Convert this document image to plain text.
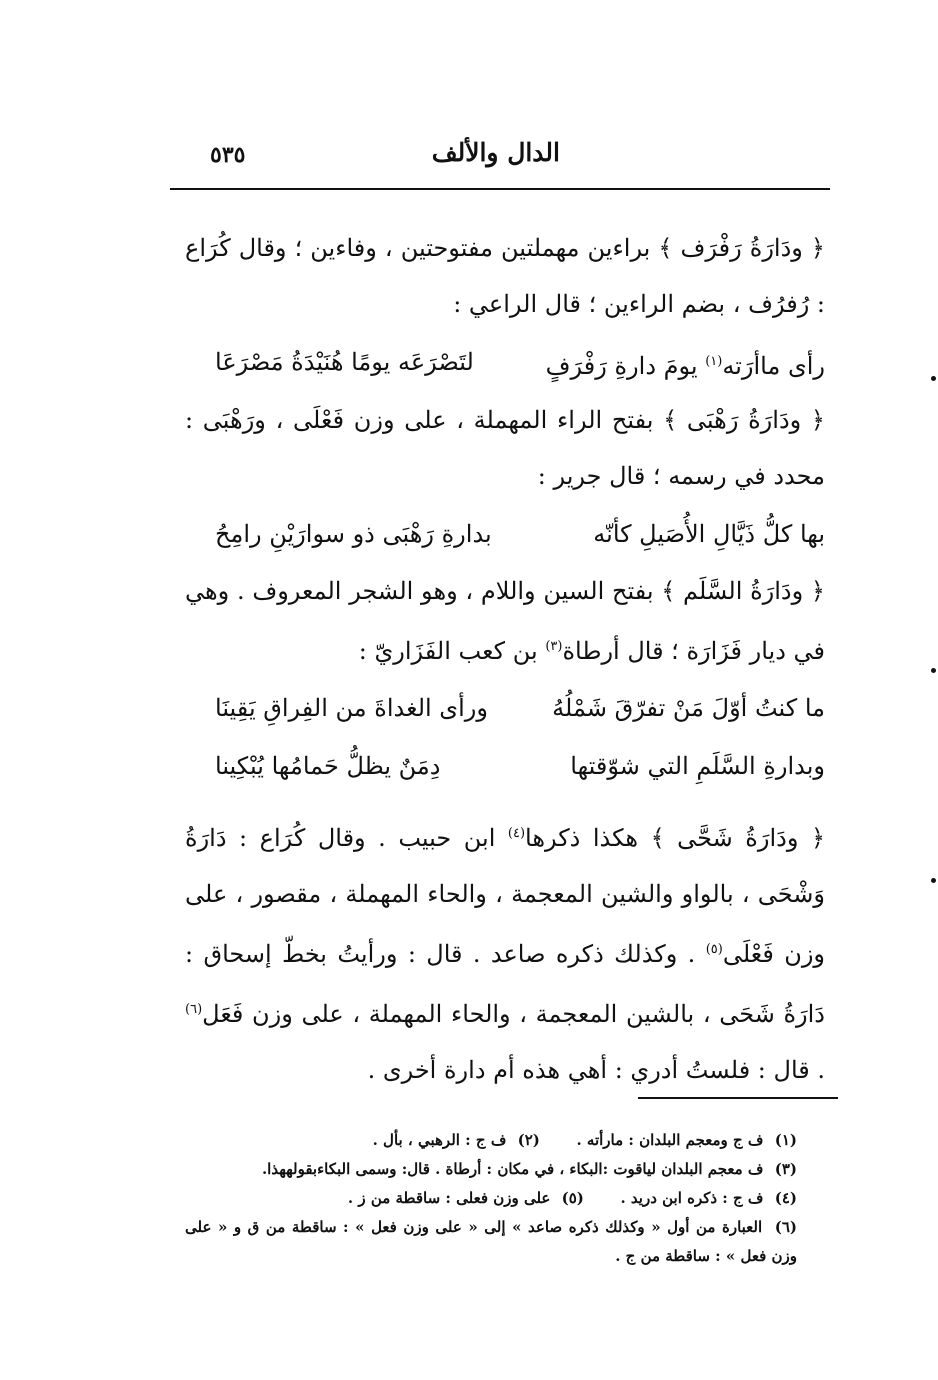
الدال والألف
٥٣٥
﴿ ودَارَةُ رَفْرَف ﴾ براءين مهملتين مفتوحتين ، وفاءين ؛ وقال كُرَاع : رُفرُف ، بضم الراءين ؛ قال الراعي :
رأى ماأرَته$^{(١)}$ يومَ دارةِ رَفْرَفٍ
لتَصْرَعَه يومًا هُنَيْدَةُ مَصْرَعَا
﴿ ودَارَةُ رَهْبَى ﴾ بفتح الراء المهملة ، على وزن فَعْلَى ، ورَهْبَى : محدد في رسمه ؛ قال جرير :
بها كلُّ ذَيَّالِ الأُصَيلِ كأنّه
بدارةِ رَهْبَى ذو سوارَيْنِ رامِحُ
﴿ ودَارَةُ السَّلَم ﴾ بفتح السين واللام ، وهو الشجر المعروف . وهي في ديار فَزَارَة ؛ قال أرطاة$^{(٣)}$ بن كعب الفَزَاريّ :
ما كنتُ أوّلَ مَنْ تفرّقَ شَمْلُهُ
ورأى الغداةَ من الفِراقِ يَقِينَا
وبدارةِ السَّلَمِ التي شوّقتها
دِمَنٌ يظلُّ حَمامُها يُبْكِينا
﴿ ودَارَةُ شَحَّى ﴾ هكذا ذكرها$^{(٤)}$ ابن حبيب . وقال كُرَاع : دَارَةُ وَشْحَى ، بالواو والشين المعجمة ، والحاء المهملة ، مقصور ، على وزن فَعْلَى$^{(٥)}$ . وكذلك ذكره صاعد . قال : ورأيتُ بخطّ إسحاق : دَارَةُ شَحَى ، بالشين المعجمة ، والحاء المهملة ، على وزن فَعَل$^{(٦)}$ . قال : فلستُ أدري : أهي هذه أم دارة أخرى .
(١) ف ج ومعجم البلدان : مارأته .       (٢) ف ج : الرهبي ، بأل .
(٣) ف معجم البلدان لياقوت :البكاء ، في مكان : أرطاة . قال: وسمى البكاءبقولههذا.
(٤) ف ج : ذكره ابن دريد .       (٥) على وزن فعلى : ساقطة من ز .
(٦) العبارة من أول « وكذلك ذكره صاعد » إلى « على وزن فعل » : ساقطة من ق و « على وزن فعل » : ساقطة من ج .
